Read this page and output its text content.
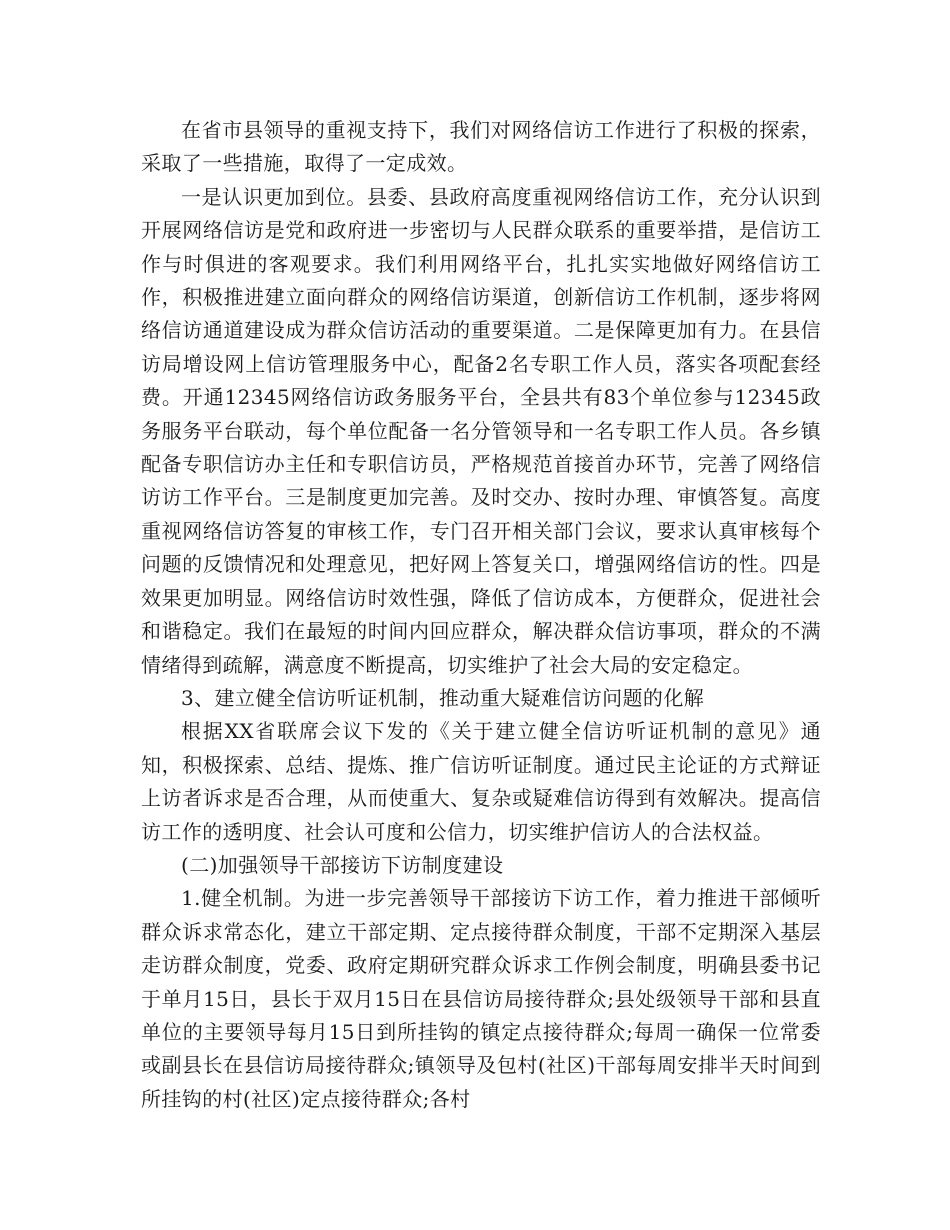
在省市县领导的重视支持下，我们对网络信访工作进行了积极的探索，采取了一些措施，取得了一定成效。

一是认识更加到位。县委、县政府高度重视网络信访工作，充分认识到开展网络信访是党和政府进一步密切与人民群众联系的重要举措，是信访工作与时俱进的客观要求。我们利用网络平台，扎扎实实地做好网络信访工作，积极推进建立面向群众的网络信访渠道，创新信访工作机制，逐步将网络信访通道建设成为群众信访活动的重要渠道。二是保障更加有力。在县信访局增设网上信访管理服务中心，配备2名专职工作人员，落实各项配套经费。开通12345网络信访政务服务平台，全县共有83个单位参与12345政务服务平台联动，每个单位配备一名分管领导和一名专职工作人员。各乡镇配备专职信访办主任和专职信访员，严格规范首接首办环节，完善了网络信访访工作平台。三是制度更加完善。及时交办、按时办理、审慎答复。高度重视网络信访答复的审核工作，专门召开相关部门会议，要求认真审核每个问题的反馈情况和处理意见，把好网上答复关口，增强网络信访的性。四是效果更加明显。网络信访时效性强，降低了信访成本，方便群众，促进社会和谐稳定。我们在最短的时间内回应群众，解决群众信访事项，群众的不满情绪得到疏解，满意度不断提高，切实维护了社会大局的安定稳定。

3、建立健全信访听证机制，推动重大疑难信访问题的化解

根据XX省联席会议下发的《关于建立健全信访听证机制的意见》通知，积极探索、总结、提炼、推广信访听证制度。通过民主论证的方式辩证上访者诉求是否合理，从而使重大、复杂或疑难信访得到有效解决。提高信访工作的透明度、社会认可度和公信力，切实维护信访人的合法权益。

(二)加强领导干部接访下访制度建设

1.健全机制。为进一步完善领导干部接访下访工作，着力推进干部倾听群众诉求常态化，建立干部定期、定点接待群众制度，干部不定期深入基层走访群众制度，党委、政府定期研究群众诉求工作例会制度，明确县委书记于单月15日，县长于双月15日在县信访局接待群众;县处级领导干部和县直单位的主要领导每月15日到所挂钩的镇定点接待群众;每周一确保一位常委或副县长在县信访局接待群众;镇领导及包村(社区)干部每周安排半天时间到所挂钩的村(社区)定点接待群众;各村
